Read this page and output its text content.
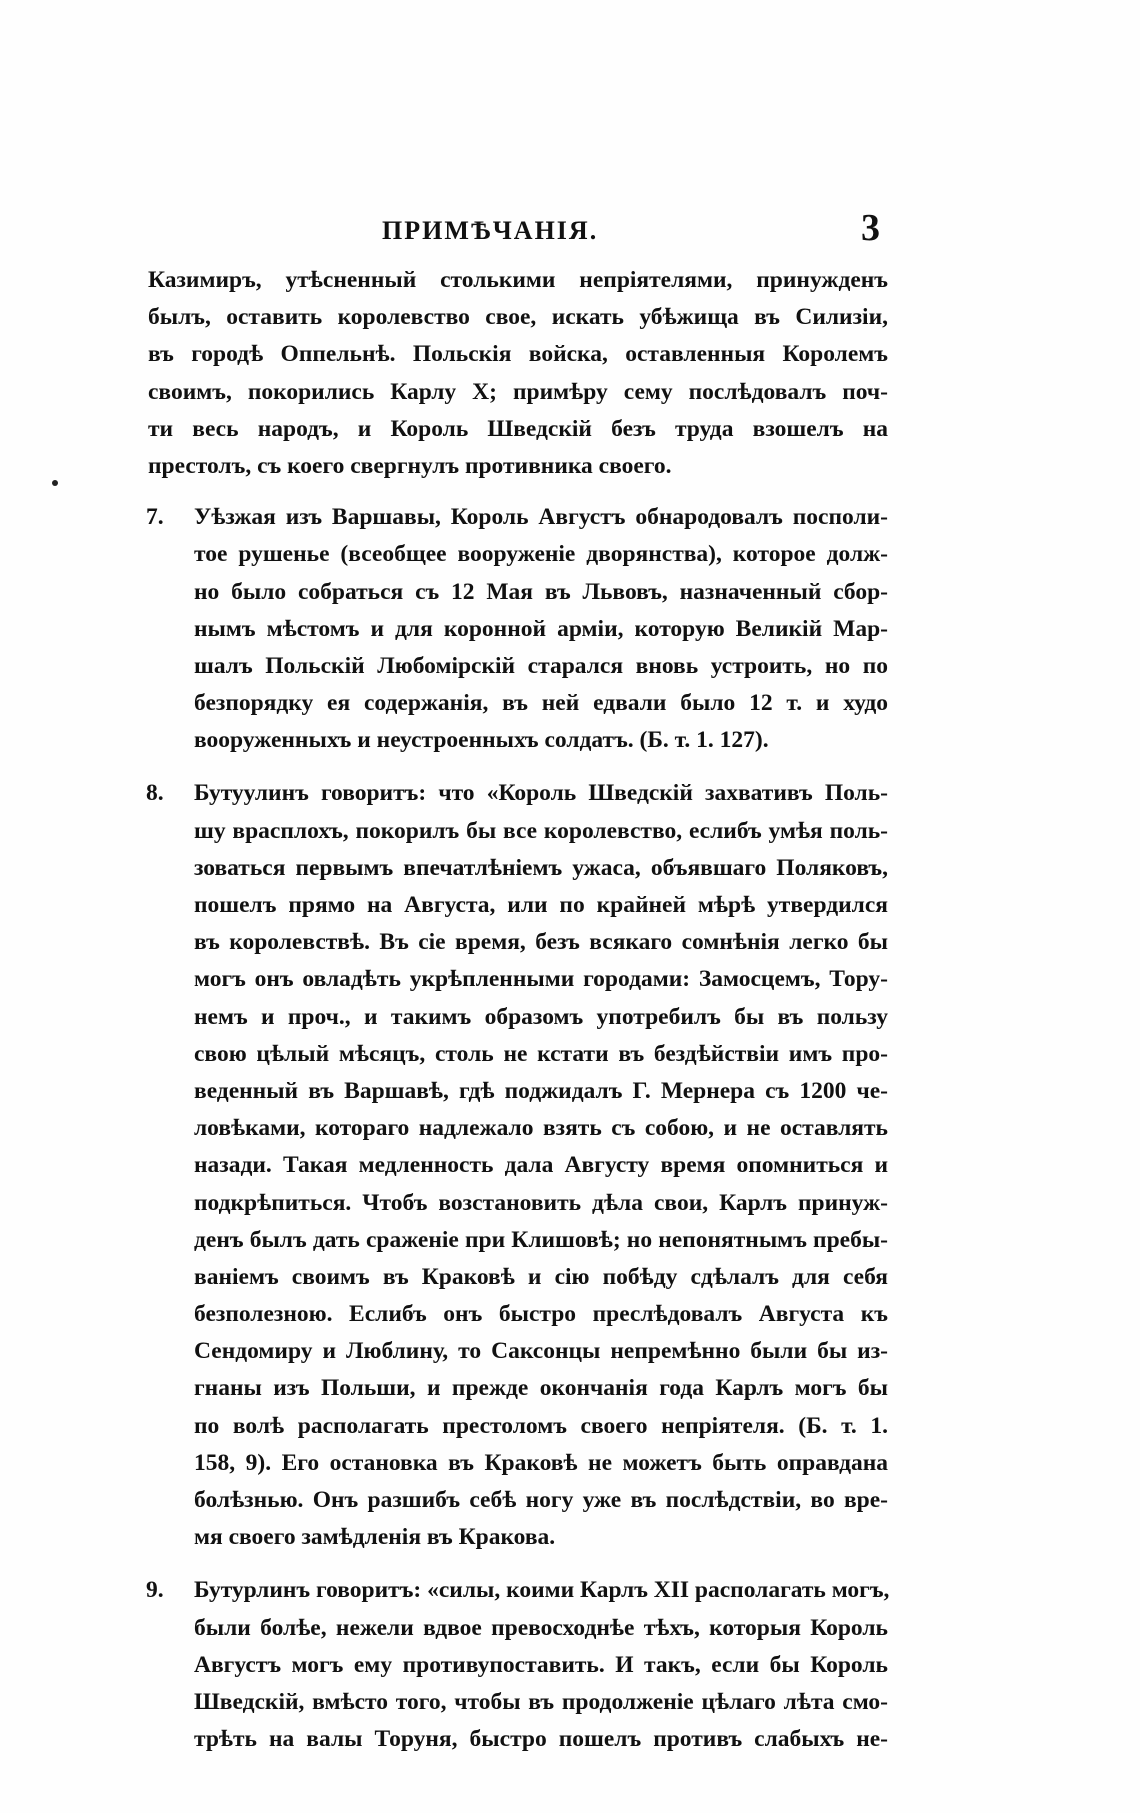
ПРИМѢЧАНІЯ.	3
Казимиръ, утѣсненный столькими непріятелями, принужденъ
былъ, оставить королевство свое, искать убѣжища въ Силизіи,
въ городѣ Оппельнѣ. Польскія войска, оставленныя Королемъ
своимъ, покорились Карлу X; примѣру сему послѣдовалъ поч-
ти весь народъ, и Король Шведскій безъ труда взошелъ на
престолъ, съ коего свергнулъ противника своего.
7.	Уѣзжая изъ Варшавы, Король Августъ обнародовалъ посполи-
тое рушенье (всеобщее вооруженіе дворянства), которое долж-
но было собраться съ 12 Мая въ Львовъ, назначенный сбор-
нымъ мѣстомъ и для коронной арміи, которую Великій Мар-
шалъ Польскій Любомірскій старался вновь устроить, но по
безпорядку ея содержанія, въ ней едвали было 12 т. и худо
вооруженныхъ и неустроенныхъ солдатъ. (Б. т. 1. 127).
8.	Бутуулинъ говоритъ: что «Король Шведскій захвативъ Поль-
шу врасплохъ, покорилъ бы все королевство, еслибъ умѣя поль-
зоваться первымъ впечатлѣніемъ ужаса, объявшаго Поляковъ,
пошелъ прямо на Августа, или по крайней мѣрѣ утвердился
въ королевствѣ. Въ сіе время, безъ всякаго сомнѣнія легко бы
могъ онъ овладѣть укрѣпленными городами: Замосцемъ, Тору-
немъ и проч., и такимъ образомъ употребилъ бы въ пользу
свою цѣлый мѣсяцъ, столь не кстати въ бездѣйствіи имъ про-
веденный въ Варшавѣ, гдѣ поджидалъ Г. Мернера съ 1200 че-
ловѣками, котораго надлежало взять съ собою, и не оставлять
назади. Такая медленность дала Августу время опомниться и
подкрѣпиться. Чтобъ возстановить дѣла свои, Карлъ принуж-
денъ былъ дать сраженіе при Клишовѣ; но непонятнымъ пребы-
ваніемъ своимъ въ Краковѣ и сію побѣду сдѣлалъ для себя
безполезною. Еслибъ онъ быстро преслѣдовалъ Августа къ
Сендомиру и Люблину, то Саксонцы непремѣнно были бы из-
гнаны изъ Польши, и прежде окончанія года Карлъ могъ бы
по волѣ располагать престоломъ своего непріятеля. (Б. т. 1.
158, 9). Его остановка въ Краковѣ не можетъ быть оправдана
болѣзнью. Онъ разшибъ себѣ ногу уже въ послѣдствіи, во вре-
мя своего замѣдленія въ Кракова.
9.	Бутурлинъ говоритъ: «силы, коими Карлъ XII располагать могъ,
были болѣе, нежели вдвое превосходнѣе тѣхъ, которыя Король
Августъ могъ ему противупоставить. И такъ, если бы Король
Шведскій, вмѣсто того, чтобы въ продолженіе цѣлаго лѣта смо-
трѣть на валы Торуня, быстро пошелъ противъ слабыхъ не-
